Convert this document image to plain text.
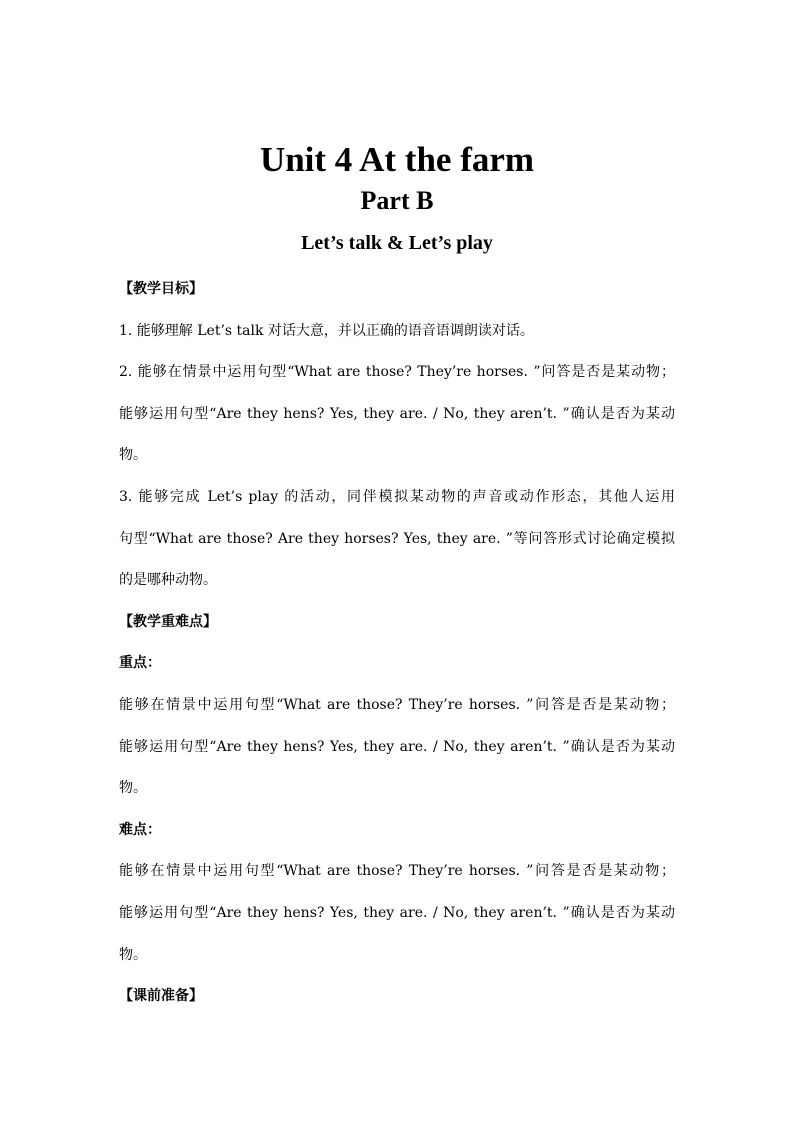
Unit 4 At the farm
Part B
Let’s talk & Let’s play

【教学目标】

1. 能够理解 Let’s talk 对话大意，并以正确的语音语调朗读对话。

2. 能够在情景中运用句型“What are those? They’re horses. ”问答是否是某动物；

能够运用句型“Are they hens? Yes, they are. / No, they aren’t. ”确认是否为某动

物。

3. 能够完成 Let’s play 的活动，同伴模拟某动物的声音或动作形态，其他人运用

句型“What are those? Are they horses? Yes, they are. ”等问答形式讨论确定模拟

的是哪种动物。

【教学重难点】

重点：

能够在情景中运用句型“What are those? They’re horses. ”问答是否是某动物；

能够运用句型“Are they hens? Yes, they are. / No, they aren’t. ”确认是否为某动

物。

难点：

能够在情景中运用句型“What are those? They’re horses. ”问答是否是某动物；

能够运用句型“Are they hens? Yes, they are. / No, they aren’t. ”确认是否为某动

物。

【课前准备】
